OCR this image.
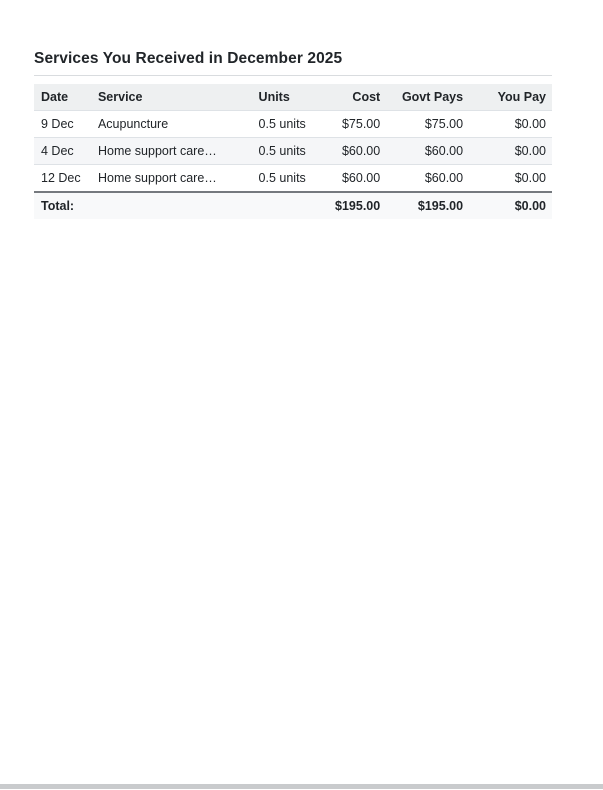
Services You Received in December 2025
Date	Service	Units	Cost	Govt Pays	You Pay
9 Dec	Acupuncture	0.5 units	$75.00	$75.00	$0.00
4 Dec	Home support care…	0.5 units	$60.00	$60.00	$0.00
12 Dec	Home support care…	0.5 units	$60.00	$60.00	$0.00
Total:			$195.00	$195.00	$0.00
